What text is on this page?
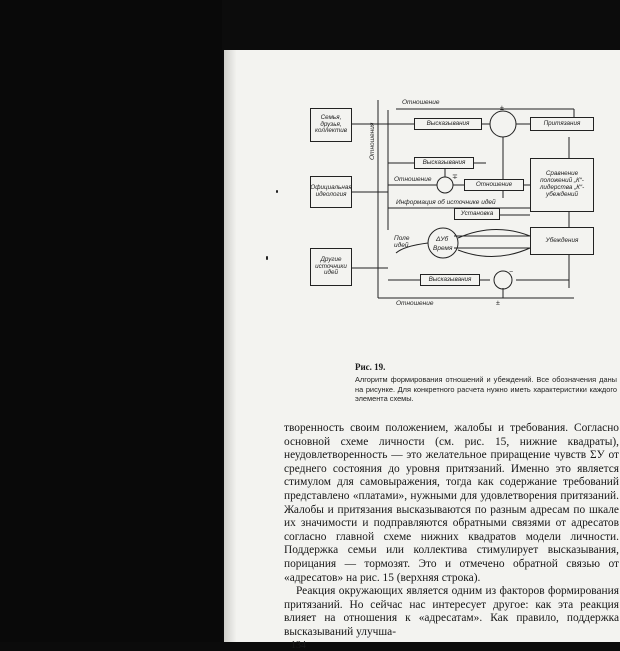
Семья, друзья, коллектив
Официальная идеология
Другие источники идей
Высказывания
Высказывания
Отношение
Установка
Высказывания
Притязания
Сравнение положений „К“-лидерства „К“-убеждений
Убеждения
Отношение
Отношения
Отношение
Информация об источнике идей
Поле идей
ΔУб
Время
Отношение
±
∓
−
±
Рис. 19.

Алгоритм формирования отношений и убеждений. Все обозначения даны на рисунке. Для конкретного расчета нужно иметь характеристики каждого элемента схемы.

творенность своим положением, жалобы и требования. Согласно основной схеме личности (см. рис. 15, нижние квадраты), неудовлетворенность — это желательное приращение чувств ΣУ от среднего состояния до уровня притязаний. Именно это является стимулом для самовыражения, тогда как содержание требований представлено «платами», нужными для удовлетворения притязаний. Жалобы и притязания высказываются по разным адресам по шкале их значимости и подправляются обратными связями от адресатов согласно главной схеме нижних квадратов модели личности. Поддержка семьи или коллектива стимулирует высказывания, порицания — тормозят. Это и отмечено обратной связью от «адресатов» на рис. 15 (верхняя строка).

Реакция окружающих является одним из факторов формирования притязаний. Но сейчас нас интересует другое: как эта реакция влияет на отношения к «адресатам». Как правило, поддержка высказываний улучша-

134
